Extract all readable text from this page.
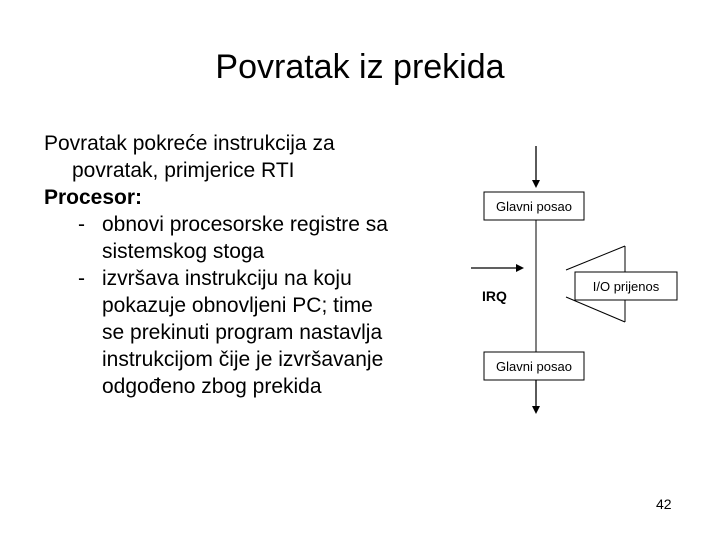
Povratak iz prekida
Povratak pokreće instrukcija za
povratak, primjerice RTI
Procesor:
- obnovi procesorske registre sa
sistemskog stoga
- izvršava instrukciju na koju
pokazuje obnovljeni PC; time
se prekinuti program nastavlja
instrukcijom čije je izvršavanje
odgođeno zbog prekida
Glavni posao
IRQ
I/O prijenos
Glavni posao
42
